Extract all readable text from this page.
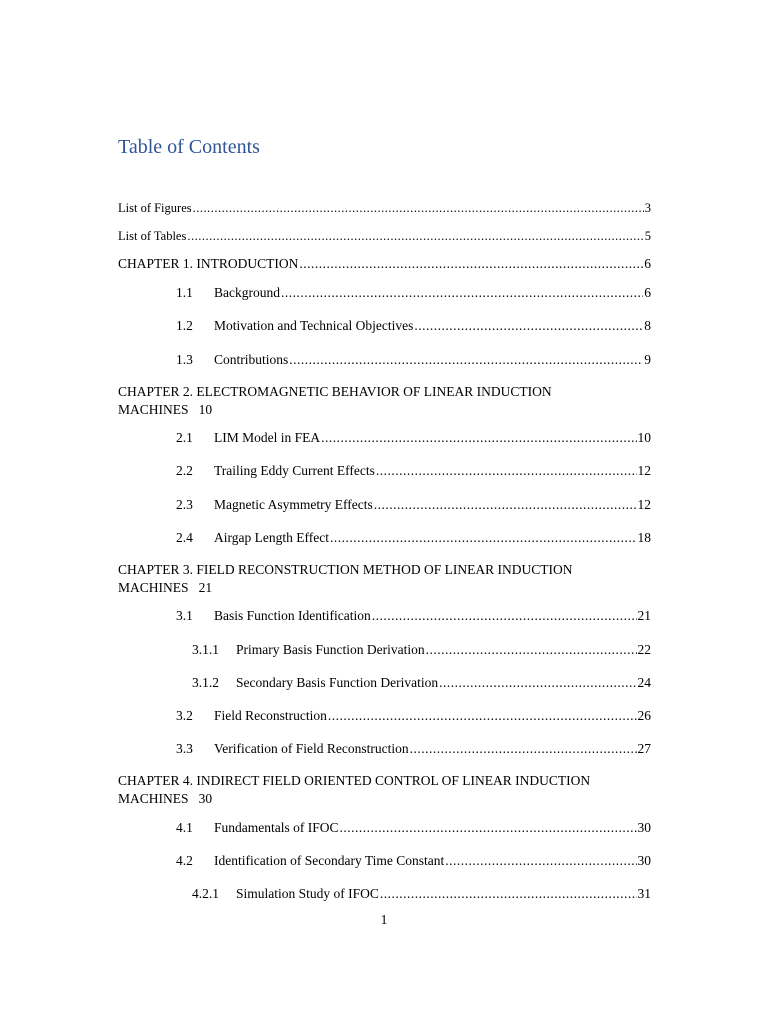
Table of Contents
List of Figures .....	3
List of Tables .....	5
CHAPTER 1. INTRODUCTION .....	6
1.1 Background .....	6
1.2 Motivation and Technical Objectives .....	8
1.3 Contributions .....	9
CHAPTER 2. ELECTROMAGNETIC BEHAVIOR OF LINEAR INDUCTION
MACHINES 10
2.1 LIM Model in FEA .....	10
2.2 Trailing Eddy Current Effects .....	12
2.3 Magnetic Asymmetry Effects .....	12
2.4 Airgap Length Effect .....	18
CHAPTER 3. FIELD RECONSTRUCTION METHOD OF LINEAR INDUCTION
MACHINES 21
3.1 Basis Function Identification .....	21
3.1.1 Primary Basis Function Derivation .....	22
3.1.2 Secondary Basis Function Derivation .....	24
3.2 Field Reconstruction .....	26
3.3 Verification of Field Reconstruction .....	27
CHAPTER 4. INDIRECT FIELD ORIENTED CONTROL OF LINEAR INDUCTION
MACHINES 30
4.1 Fundamentals of IFOC .....	30
4.2 Identification of Secondary Time Constant .....	30
4.2.1 Simulation Study of IFOC .....	31
1
